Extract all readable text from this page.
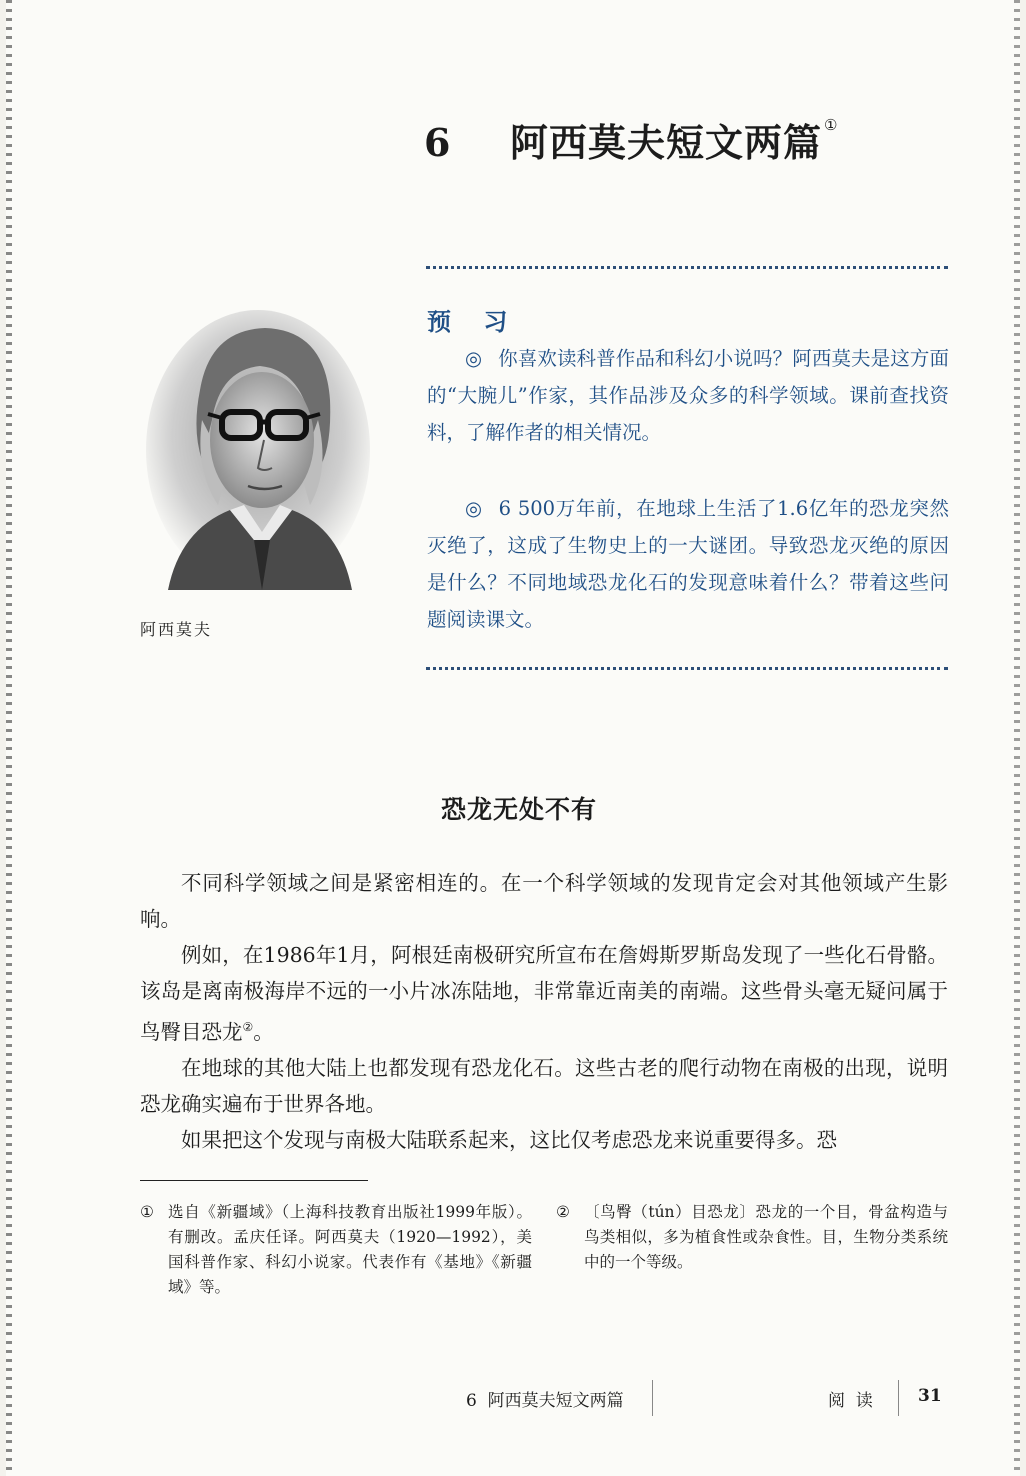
6 阿西莫夫短文两篇 ①
预 习
◎ 你喜欢读科普作品和科幻小说吗？阿西莫夫是这方面的“大腕儿”作家，其作品涉及众多的科学领域。课前查找资料，了解作者的相关情况。
◎ 6 500万年前，在地球上生活了1.6亿年的恐龙突然灭绝了，这成了生物史上的一大谜团。导致恐龙灭绝的原因是什么？不同地域恐龙化石的发现意味着什么？带着这些问题阅读课文。
阿西莫夫
恐龙无处不有

不同科学领域之间是紧密相连的。在一个科学领域的发现肯定会对其他领域产生影响。

例如，在1986年1月，阿根廷南极研究所宣布在詹姆斯罗斯岛发现了一些化石骨骼。该岛是离南极海岸不远的一小片冰冻陆地，非常靠近南美的南端。这些骨头毫无疑问属于鸟臀目恐龙②。

在地球的其他大陆上也都发现有恐龙化石。这些古老的爬行动物在南极的出现，说明恐龙确实遍布于世界各地。

如果把这个发现与南极大陆联系起来，这比仅考虑恐龙来说重要得多。恐

① 选自《新疆域》（上海科技教育出版社1999年版）。有删改。孟庆任译。阿西莫夫（1920—1992），美国科普作家、科幻小说家。代表作有《基地》《新疆域》等。
② 〔鸟臀（tún）目恐龙〕恐龙的一个目，骨盆构造与鸟类相似，多为植食性或杂食性。目，生物分类系统中的一个等级。
6  阿西莫夫短文两篇	阅  读	31
